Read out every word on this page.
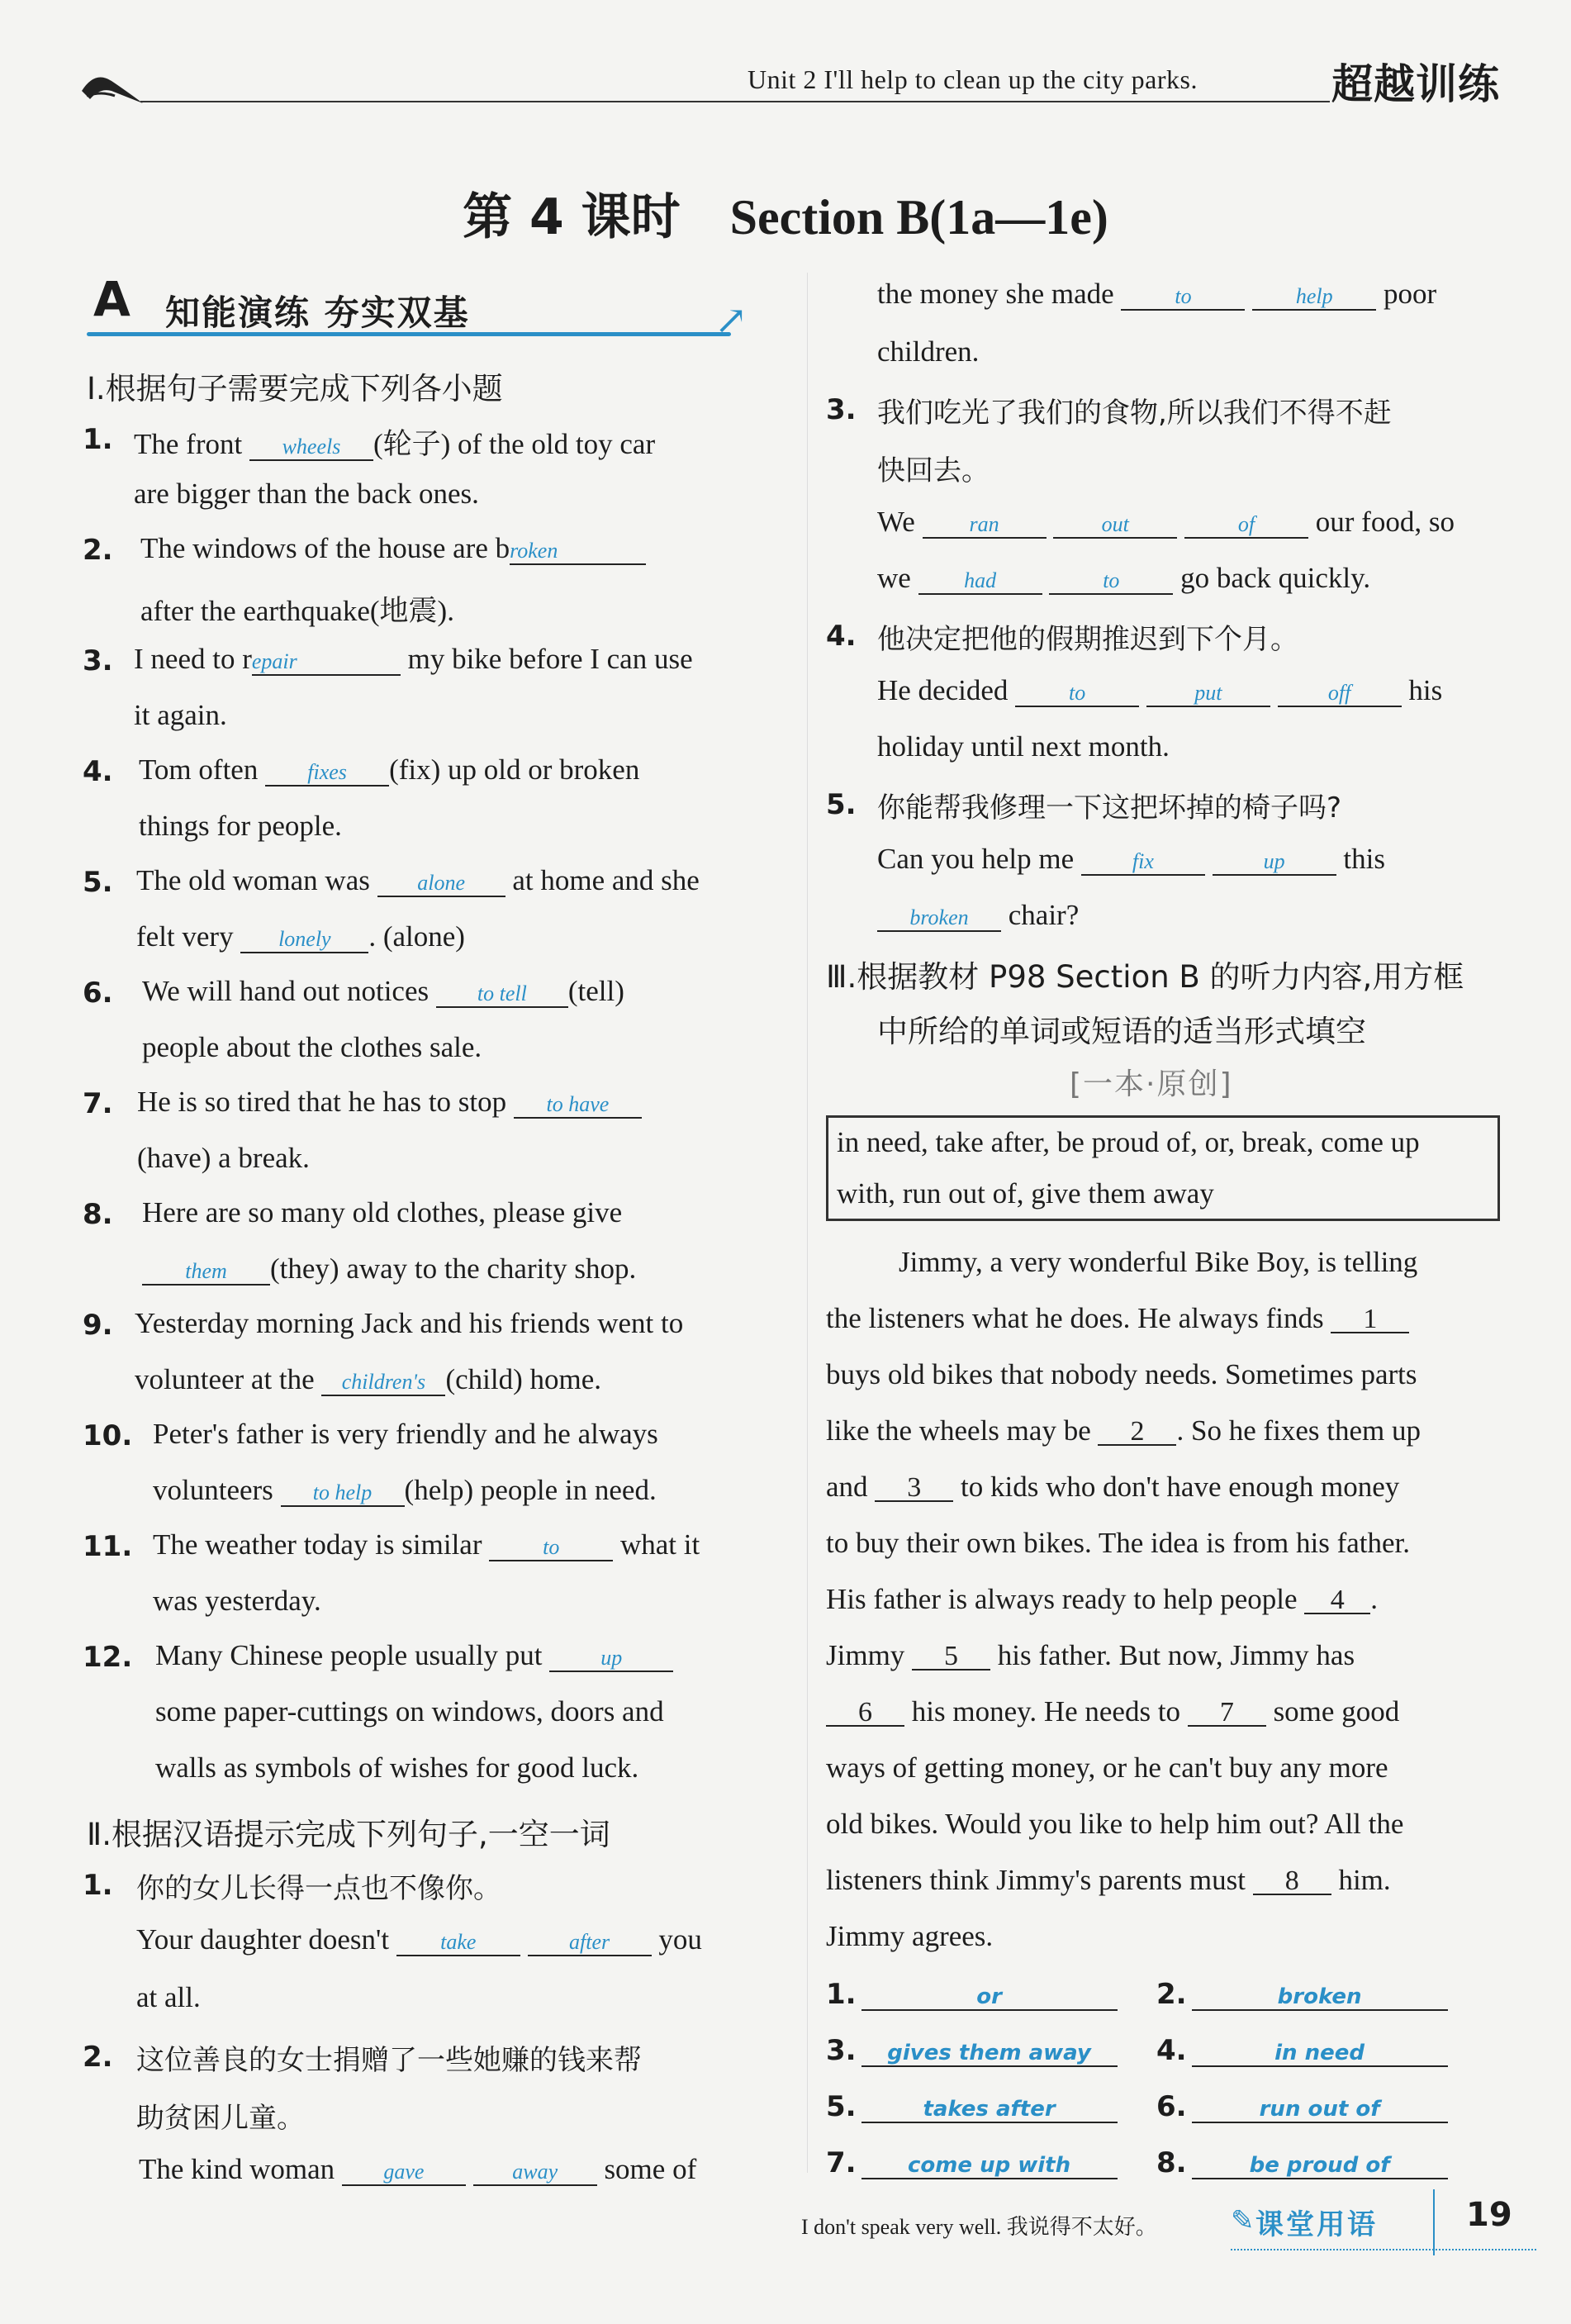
Unit 2 I'll help to clean up the city parks.	超越训练
第 4 课时 Section B(1a—1e)
A 知能演练 夯实双基	↗
Ⅰ.根据句子需要完成下列各小题
1. The front wheels (轮子) of the old toy car
are bigger than the back ones.
2. The windows of the house are broken
after the earthquake(地震).
3. I need to repair	my bike before I can use
it again.
4. Tom often fixes (fix) up old or broken
things for people.
5. The old woman was alone at home and she
felt very lonely . (alone)
6. We will hand out notices to tell (tell)
people about the clothes sale.
7. He is so tired that he has to stop to have
(have) a break.
8. Here are so many old clothes, please give
them (they) away to the charity shop.
9. Yesterday morning Jack and his friends went to
volunteer at the children's (child) home.
10. Peter's father is very friendly and he always
volunteers to help (help) people in need.
11. The weather today is similar to what it
was yesterday.
12. Many Chinese people usually put up
some paper-cuttings on windows, doors and
walls as symbols of wishes for good luck.
Ⅱ.根据汉语提示完成下列句子,一空一词
1. 你的女儿长得一点也不像你。
Your daughter doesn't take	after you
at all.
2. 这位善良的女士捐赠了一些她赚的钱来帮
助贫困儿童。
The kind woman gave	away some of
the money she made	to	help poor
children.
3. 我们吃光了我们的食物,所以我们不得不赶
快回去。
We	ran	out	of our food, so
we had	to go back quickly.
4. 他决定把他的假期推迟到下个月。
He decided	to	put	off his
holiday until next month.
5. 你能帮我修理一下这把坏掉的椅子吗?
Can you help me	fix	up this
broken chair?
Ⅲ.根据教材 P98 Section B 的听力内容,用方框
中所给的单词或短语的适当形式填空
[一本·原创]
in need, take after, be proud of, or, break, come up
with, run out of, give them away
Jimmy, a very wonderful Bike Boy, is telling
the listeners what he does. He always finds 1
buys old bikes that nobody needs. Sometimes parts
like the wheels may be 2 . So he fixes them up
and 3 to kids who don't have enough money
to buy their own bikes. The idea is from his father.
His father is always ready to help people 4 .
Jimmy 5 his father. But now, Jimmy has
6 his money. He needs to 7 some good
ways of getting money, or he can't buy any more
old bikes. Would you like to help him out? All the
listeners think Jimmy's parents must 8 him.
Jimmy agrees.
1.	or	2.	broken
3. gives them away	4.	in need
5.	takes after	6.	run out of
7. come up with	8.	be proud of
I don't speak very well. 我说得不太好。	✎ 课堂用语	19
